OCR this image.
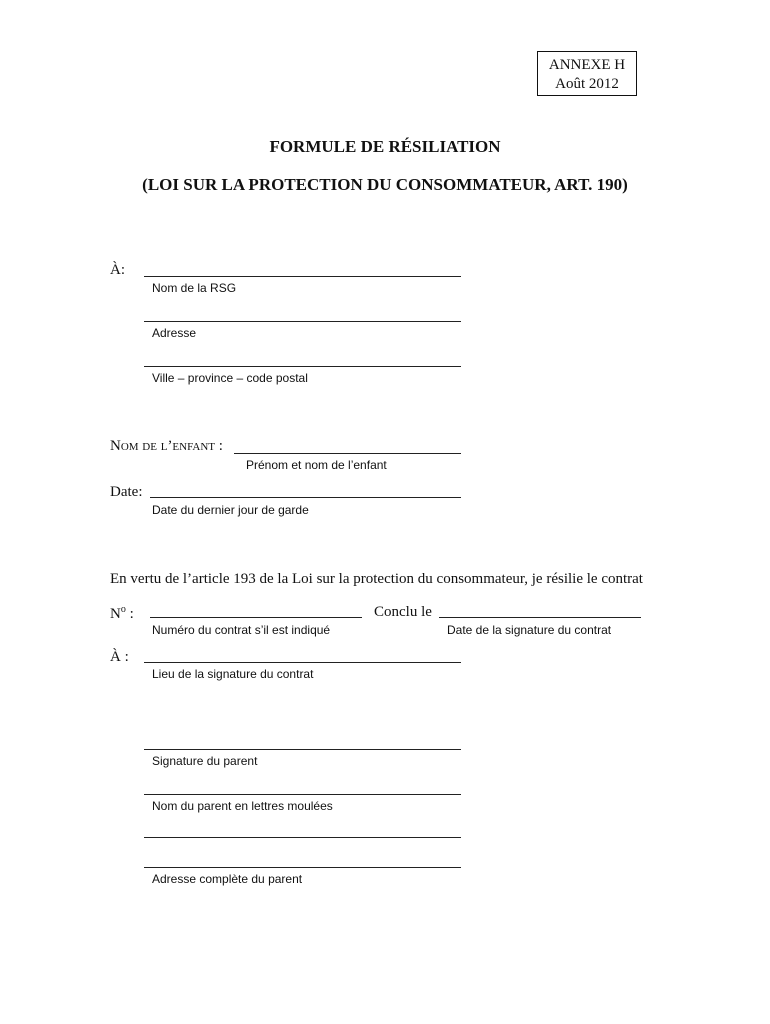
ANNEXE H
Août 2012
FORMULE DE RÉSILIATION
(LOI SUR LA PROTECTION DU CONSOMMATEUR, ART. 190)
À:
Nom de la RSG
Adresse
Ville – province – code postal
Nom de l’enfant :
Prénom et nom de l’enfant
Date:
Date du dernier jour de garde
En vertu de l’article 193 de la Loi sur la protection du consommateur, je résilie le contrat
$N^o$ :
Numéro du contrat s’il est indiqué
Conclu le
Date de la signature du contrat
À :
Lieu de la signature du contrat
Signature du parent
Nom du parent en lettres moulées
Adresse complète du parent
